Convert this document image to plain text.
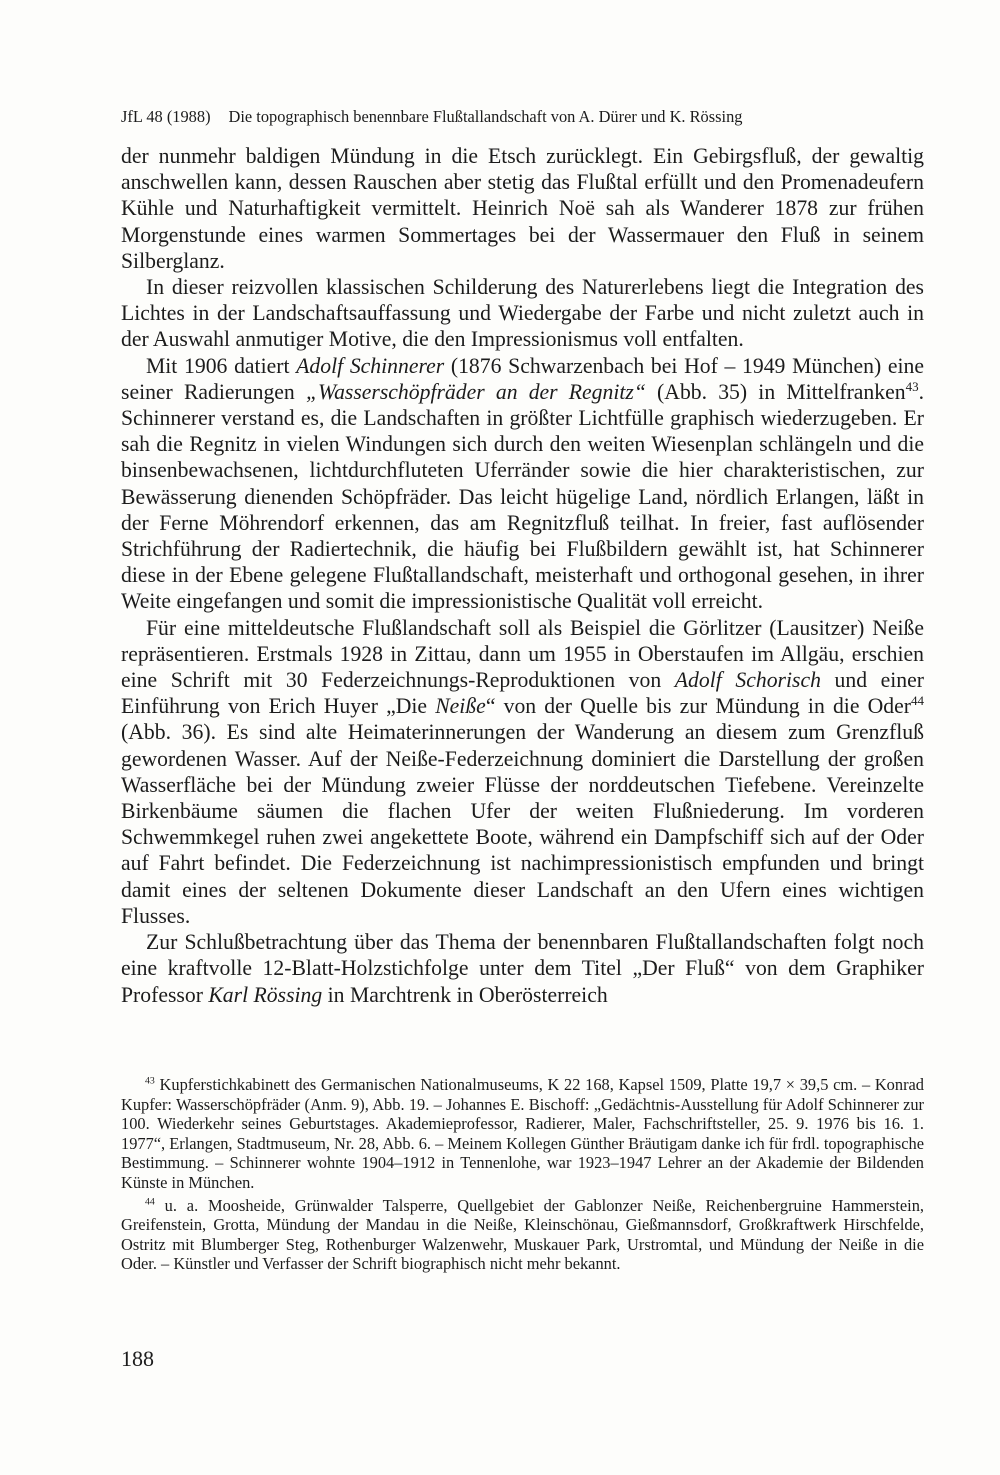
JfL 48 (1988) Die topographisch benennbare Flußtallandschaft von A. Dürer und K. Rössing

der nunmehr baldigen Mündung in die Etsch zurücklegt. Ein Gebirgsfluß, der gewaltig anschwellen kann, dessen Rauschen aber stetig das Flußtal erfüllt und den Promenadeufern Kühle und Naturhaftigkeit vermittelt. Heinrich Noë sah als Wanderer 1878 zur frühen Morgenstunde eines warmen Sommertages bei der Wassermauer den Fluß in seinem Silberglanz.

In dieser reizvollen klassischen Schilderung des Naturerlebens liegt die Integration des Lichtes in der Landschaftsauffassung und Wiedergabe der Farbe und nicht zuletzt auch in der Auswahl anmutiger Motive, die den Impressionismus voll entfalten.

Mit 1906 datiert Adolf Schinnerer (1876 Schwarzenbach bei Hof – 1949 München) eine seiner Radierungen „Wasserschöpfräder an der Regnitz“ (Abb. 35) in Mittelfranken$^{43}$. Schinnerer verstand es, die Landschaften in größter Lichtfülle graphisch wiederzugeben. Er sah die Regnitz in vielen Windungen sich durch den weiten Wiesenplan schlängeln und die binsenbewachsenen, lichtdurchfluteten Uferränder sowie die hier charakteristischen, zur Bewässerung dienenden Schöpfräder. Das leicht hügelige Land, nördlich Erlangen, läßt in der Ferne Möhrendorf erkennen, das am Regnitzfluß teilhat. In freier, fast auflösender Strichführung der Radiertechnik, die häufig bei Flußbildern gewählt ist, hat Schinnerer diese in der Ebene gelegene Flußtallandschaft, meisterhaft und orthogonal gesehen, in ihrer Weite eingefangen und somit die impressionistische Qualität voll erreicht.

Für eine mitteldeutsche Flußlandschaft soll als Beispiel die Görlitzer (Lausitzer) Neiße repräsentieren. Erstmals 1928 in Zittau, dann um 1955 in Oberstaufen im Allgäu, erschien eine Schrift mit 30 Federzeichnungs-Reproduktionen von Adolf Schorisch und einer Einführung von Erich Huyer „Die Neiße“ von der Quelle bis zur Mündung in die Oder$^{44}$ (Abb. 36). Es sind alte Heimaterinnerungen der Wanderung an diesem zum Grenzfluß gewordenen Wasser. Auf der Neiße-Federzeichnung dominiert die Darstellung der großen Wasserfläche bei der Mündung zweier Flüsse der norddeutschen Tiefebene. Vereinzelte Birkenbäume säumen die flachen Ufer der weiten Flußniederung. Im vorderen Schwemmkegel ruhen zwei angekettete Boote, während ein Dampfschiff sich auf der Oder auf Fahrt befindet. Die Federzeichnung ist nachimpressionistisch empfunden und bringt damit eines der seltenen Dokumente dieser Landschaft an den Ufern eines wichtigen Flusses.

Zur Schlußbetrachtung über das Thema der benennbaren Flußtallandschaften folgt noch eine kraftvolle 12-Blatt-Holzstichfolge unter dem Titel „Der Fluß“ von dem Graphiker Professor Karl Rössing in Marchtrenk in Oberösterreich

$^{43}$ Kupferstichkabinett des Germanischen Nationalmuseums, K 22 168, Kapsel 1509, Platte 19,7 × 39,5 cm. – Konrad Kupfer: Wasserschöpfräder (Anm. 9), Abb. 19. – Johannes E. Bischoff: „Gedächtnis-Ausstellung für Adolf Schinnerer zur 100. Wiederkehr seines Geburtstages. Akademieprofessor, Radierer, Maler, Fachschriftsteller, 25. 9. 1976 bis 16. 1. 1977“, Erlangen, Stadtmuseum, Nr. 28, Abb. 6. – Meinem Kollegen Günther Bräutigam danke ich für frdl. topographische Bestimmung. – Schinnerer wohnte 1904–1912 in Tennenlohe, war 1923–1947 Lehrer an der Akademie der Bildenden Künste in München.

$^{44}$ u. a. Moosheide, Grünwalder Talsperre, Quellgebiet der Gablonzer Neiße, Reichenbergruine Hammerstein, Greifenstein, Grotta, Mündung der Mandau in die Neiße, Kleinschönau, Gießmannsdorf, Großkraftwerk Hirschfelde, Ostritz mit Blumberger Steg, Rothenburger Walzenwehr, Muskauer Park, Urstromtal, und Mündung der Neiße in die Oder. – Künstler und Verfasser der Schrift biographisch nicht mehr bekannt.

188
